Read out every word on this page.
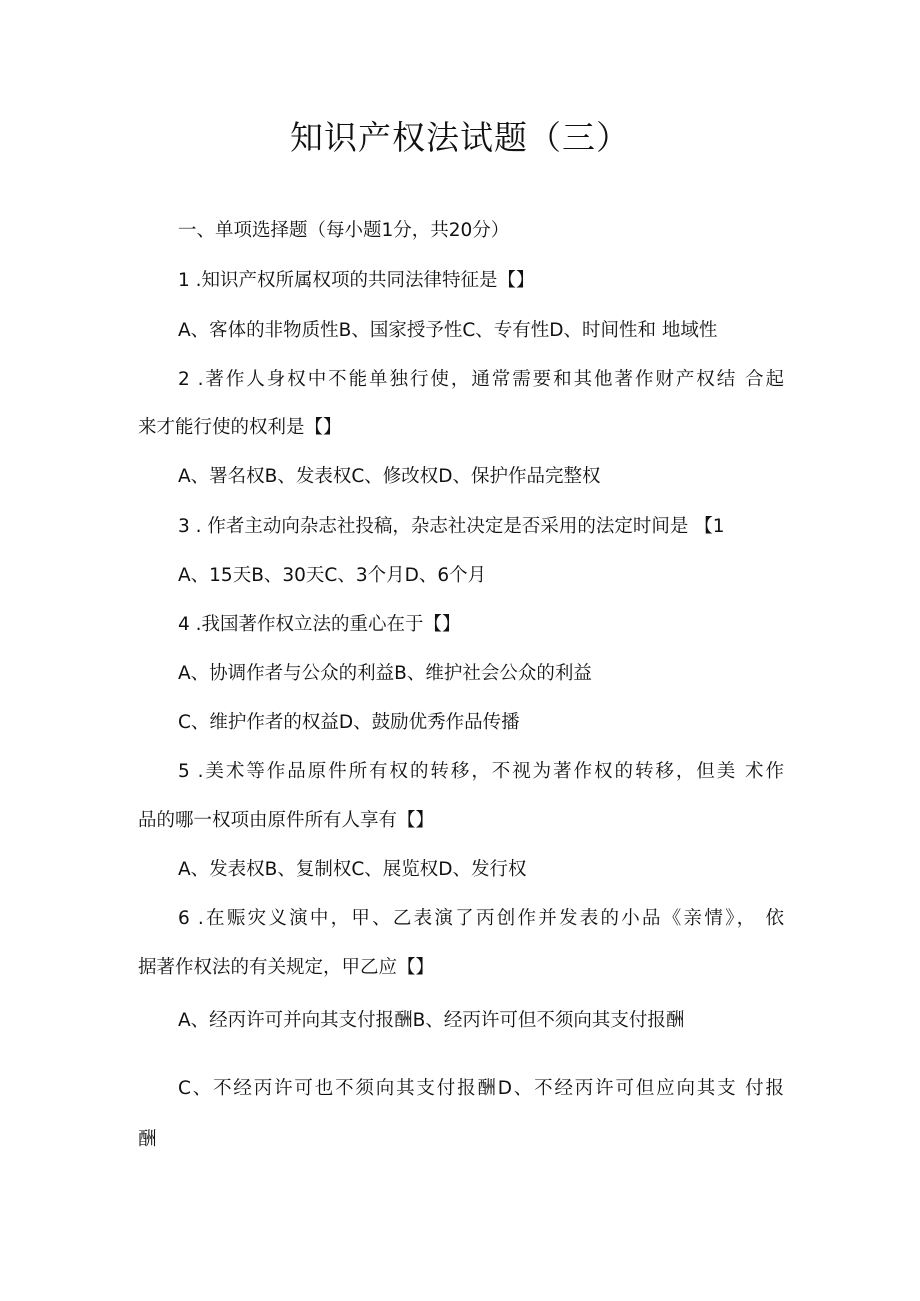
知识产权法试题（三）
一、单项选择题（每小题1分，共20分）
1 .知识产权所属权项的共同法律特征是【】
A、客体的非物质性B、国家授予性C、专有性D、时间性和 地域性
2 .著作人身权中不能单独行使，通常需要和其他著作财产权结 合起
来才能行使的权利是【】
A、署名权B、发表权C、修改权D、保护作品完整权
3 . 作者主动向杂志社投稿，杂志社决定是否采用的法定时间是 【1
A、15天B、30天C、3个月D、6个月
4 .我国著作权立法的重心在于【】
A、协调作者与公众的利益B、维护社会公众的利益
C、维护作者的权益D、鼓励优秀作品传播
5 .美术等作品原件所有权的转移，不视为著作权的转移，但美 术作
品的哪一权项由原件所有人享有【】
A、发表权B、复制权C、展览权D、发行权
6 .在赈灾义演中，甲、乙表演了丙创作并发表的小品《亲情》， 依
据著作权法的有关规定，甲乙应【】
A、经丙许可并向其支付报酬B、经丙许可但不须向其支付报酬
C、不经丙许可也不须向其支付报酬D、不经丙许可但应向其支 付报
酬
